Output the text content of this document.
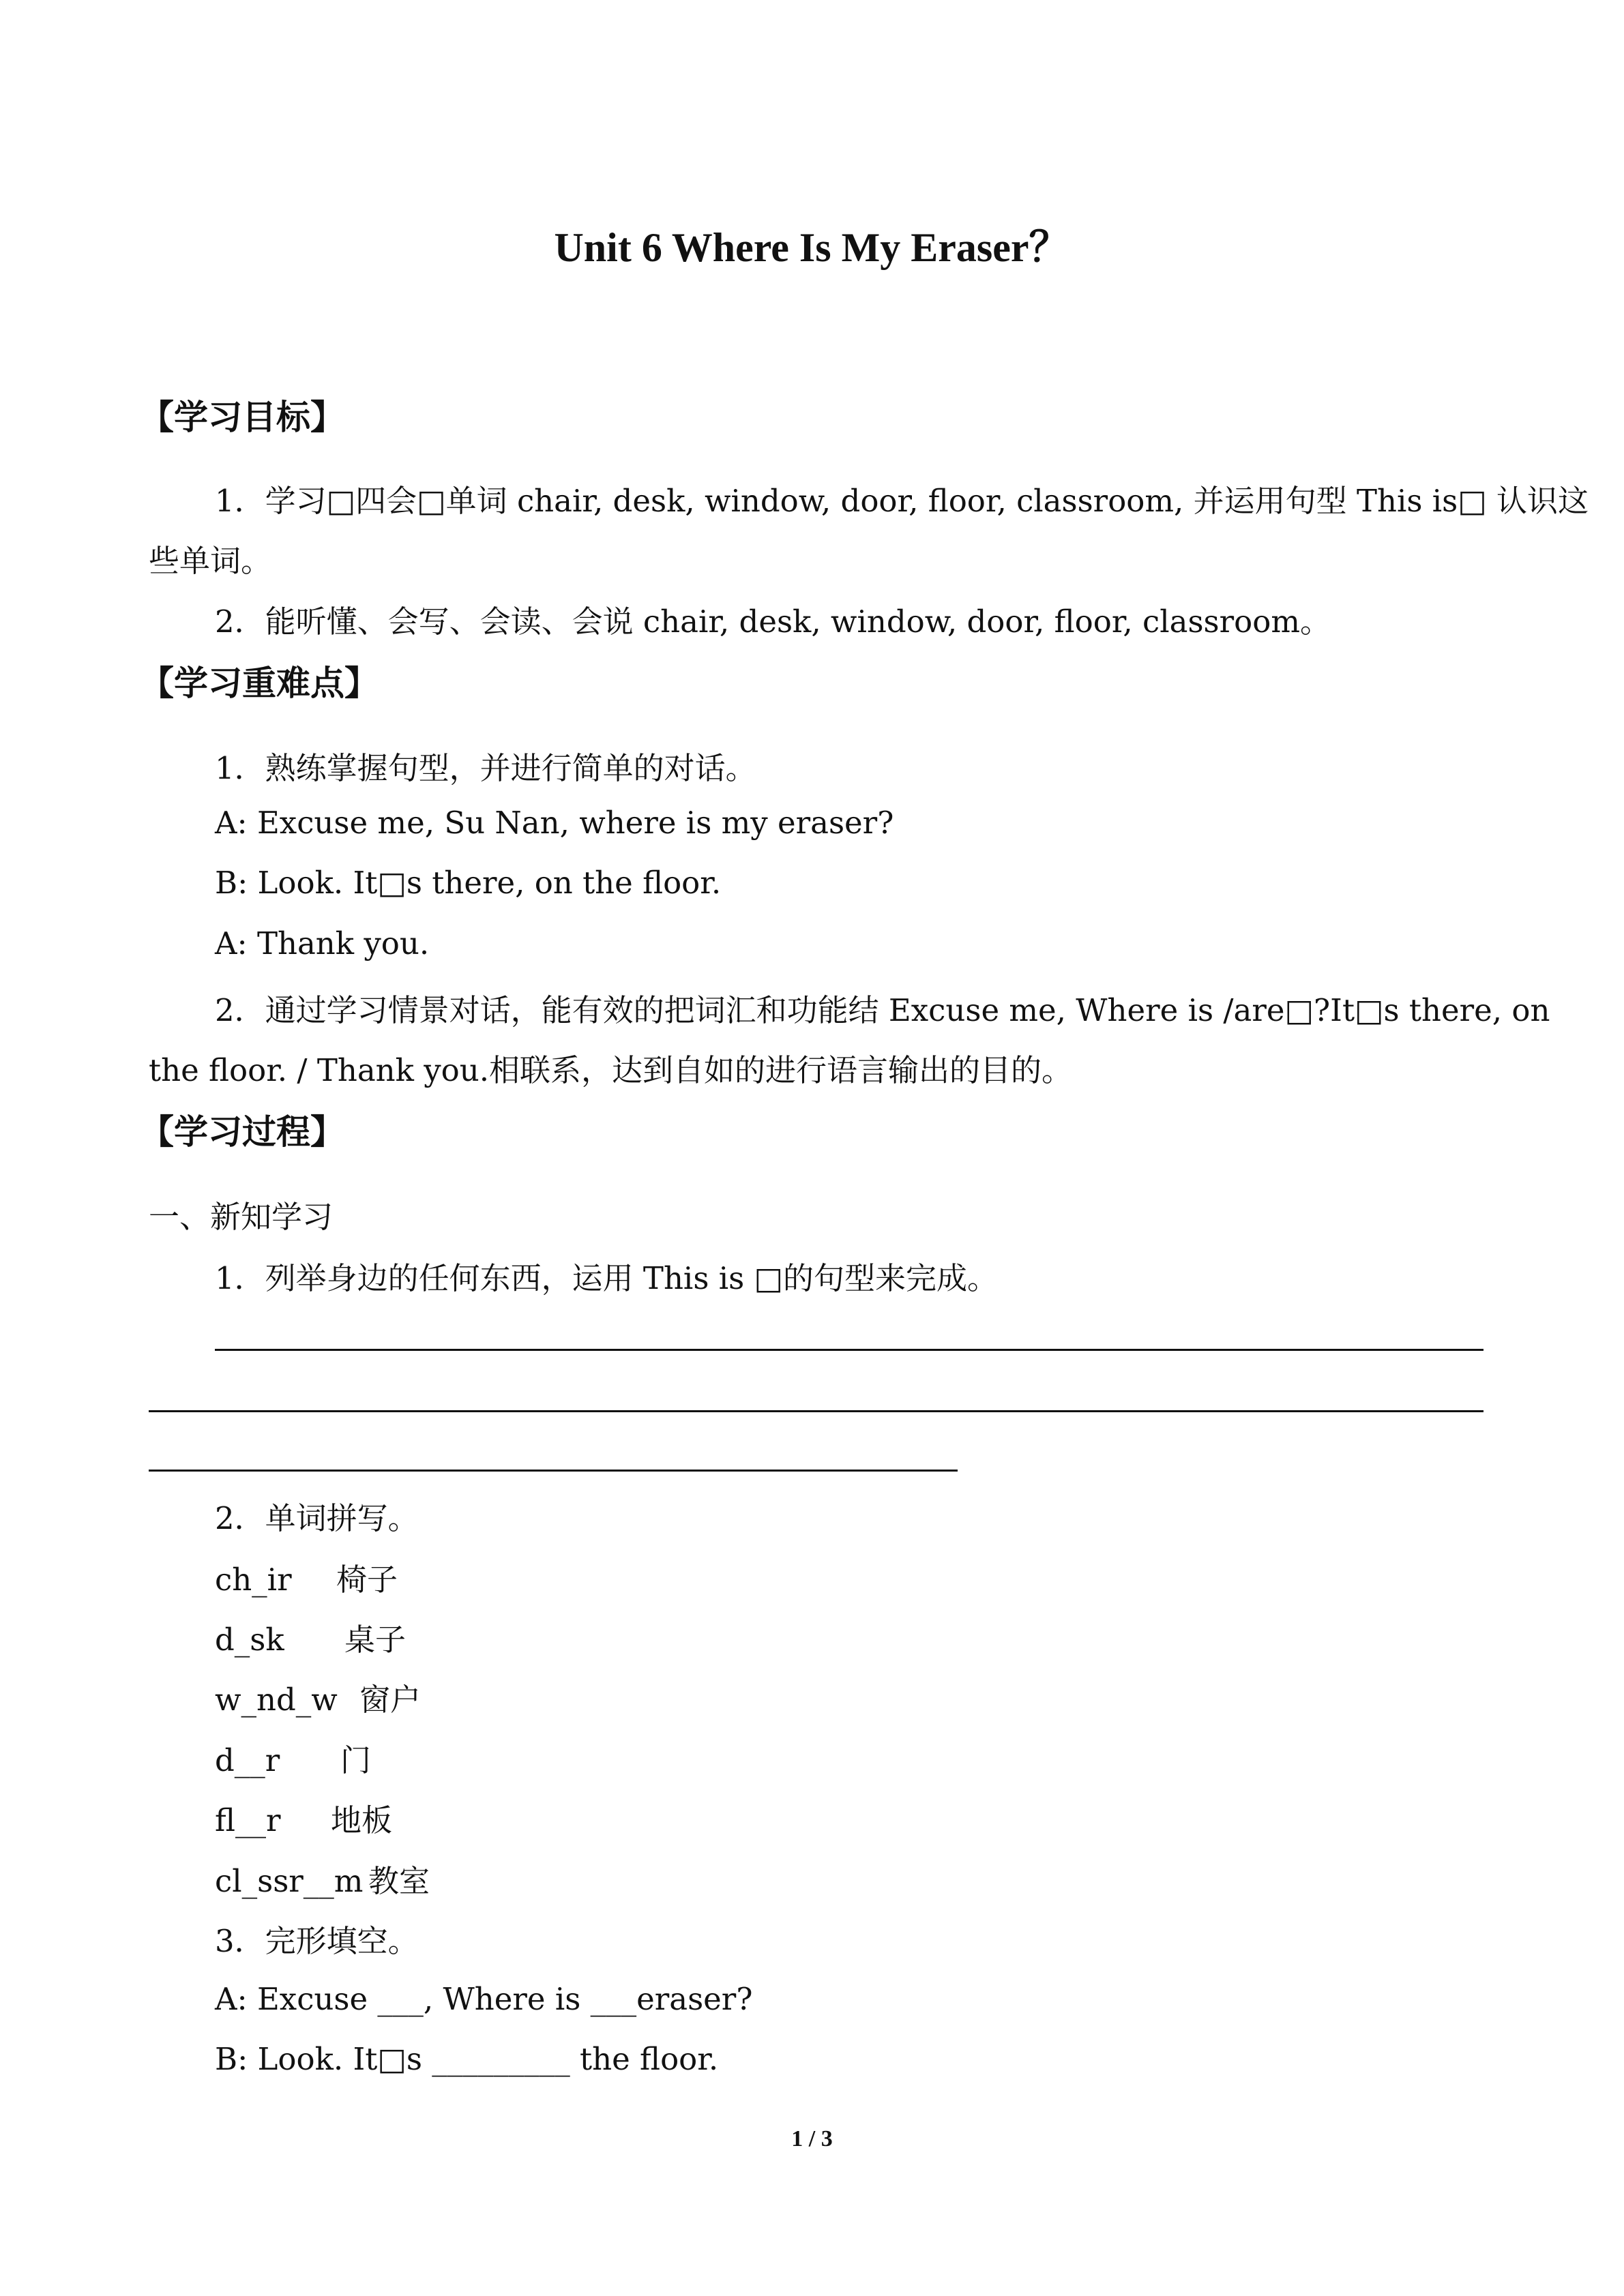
Unit 6 Where Is My Eraser？
【学习目标】
1．学习□四会□单词 chair, desk, window, door, floor, classroom, 并运用句型 This is□ 认识这
些单词。
2．能听懂、会写、会读、会说 chair, desk, window, door, floor, classroom。
【学习重难点】
1．熟练掌握句型，并进行简单的对话。
A: Excuse me, Su Nan, where is my eraser?
B: Look. It□s there, on the floor.
A: Thank you.
2．通过学习情景对话，能有效的把词汇和功能结 Excuse me, Where is /are□?It□s there, on
the floor. / Thank you.相联系，达到自如的进行语言输出的目的。
【学习过程】
一、新知学习
1．列举身边的任何东西，运用 This is □的句型来完成。
2．单词拼写。
ch_ir 椅子
d_sk 桌子
w_nd_w 窗户
d__r 门
fl__r 地板
cl_ssr__m 教室
3．完形填空。
A: Excuse ___, Where is ___eraser?
B: Look. It□s _________ the floor.
1 / 3
